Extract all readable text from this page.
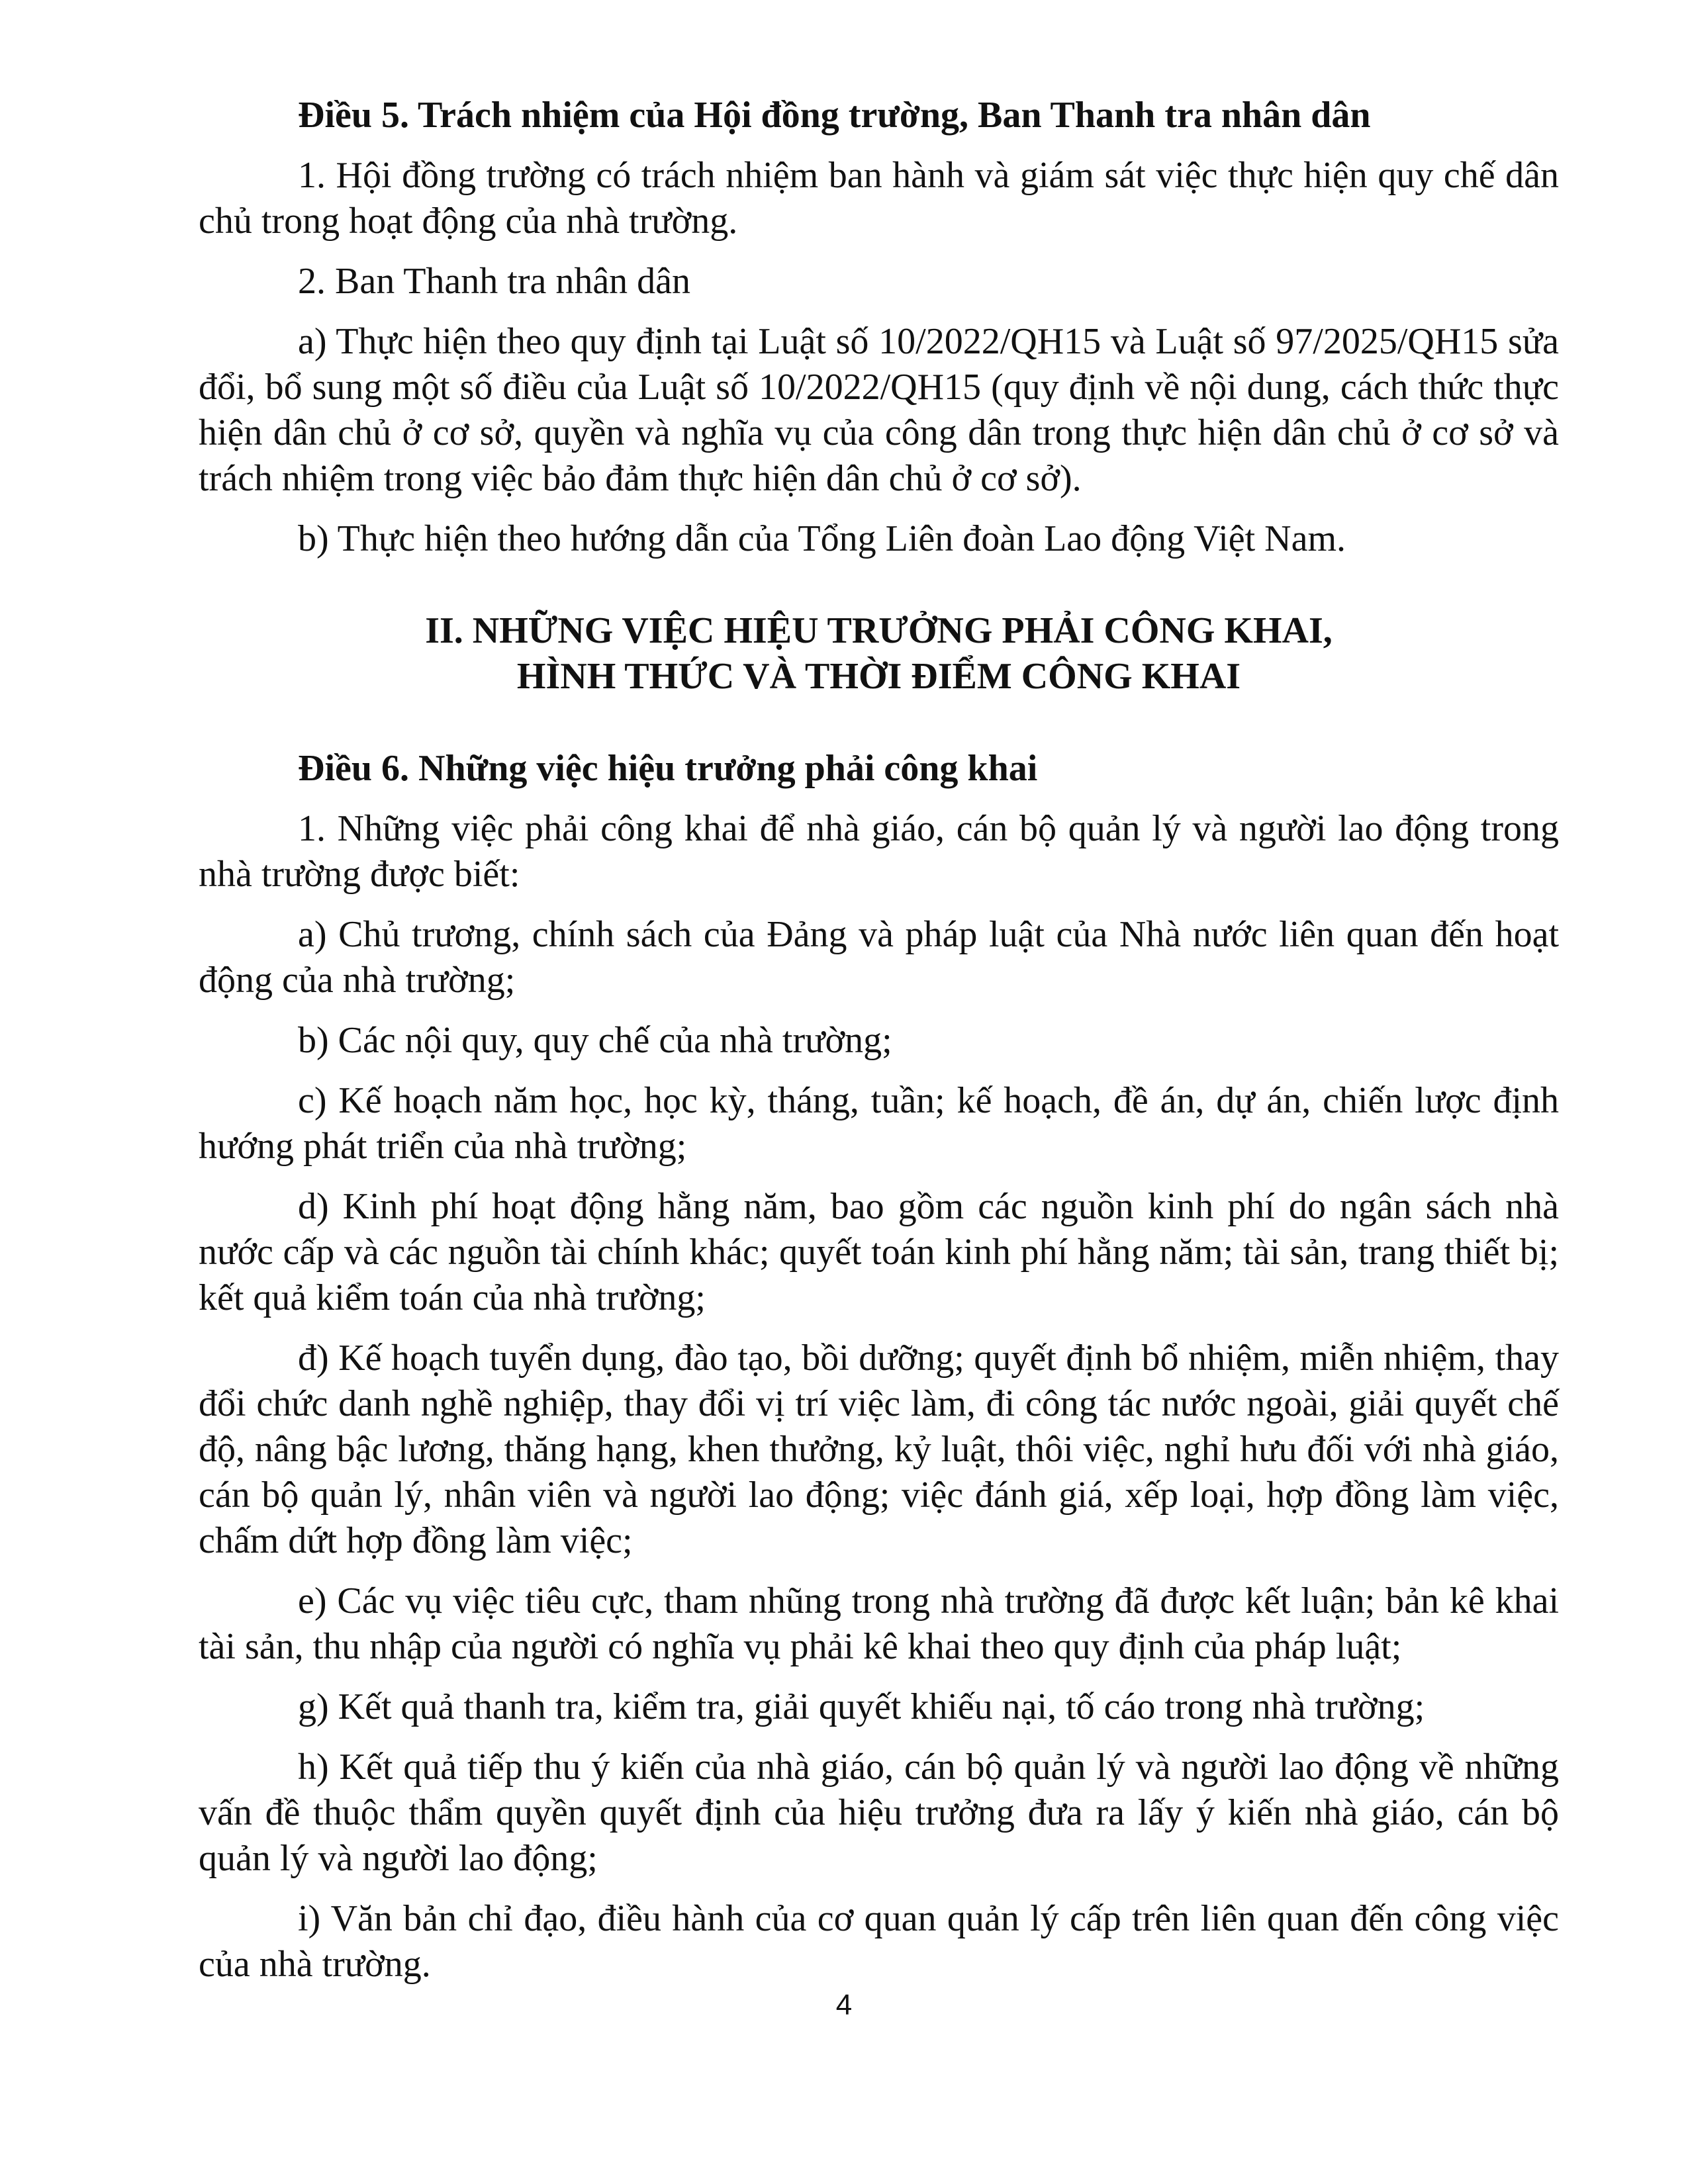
Điều 5. Trách nhiệm của Hội đồng trường, Ban Thanh tra nhân dân
1. Hội đồng trường có trách nhiệm ban hành và giám sát việc thực hiện quy chế dân chủ trong hoạt động của nhà trường.
2. Ban Thanh tra nhân dân
a) Thực hiện theo quy định tại Luật số 10/2022/QH15 và Luật số 97/2025/QH15 sửa đổi, bổ sung một số điều của Luật số 10/2022/QH15 (quy định về nội dung, cách thức thực hiện dân chủ ở cơ sở, quyền và nghĩa vụ của công dân trong thực hiện dân chủ ở cơ sở và trách nhiệm trong việc bảo đảm thực hiện dân chủ ở cơ sở).
b) Thực hiện theo hướng dẫn của Tổng Liên đoàn Lao động Việt Nam.
II. NHỮNG VIỆC HIỆU TRƯỞNG PHẢI CÔNG KHAI,
HÌNH THỨC VÀ THỜI ĐIỂM CÔNG KHAI
Điều 6. Những việc hiệu trưởng phải công khai
1. Những việc phải công khai để nhà giáo, cán bộ quản lý và người lao động trong nhà trường được biết:
a) Chủ trương, chính sách của Đảng và pháp luật của Nhà nước liên quan đến hoạt động của nhà trường;
b) Các nội quy, quy chế của nhà trường;
c) Kế hoạch năm học, học kỳ, tháng, tuần; kế hoạch, đề án, dự án, chiến lược định hướng phát triển của nhà trường;
d) Kinh phí hoạt động hằng năm, bao gồm các nguồn kinh phí do ngân sách nhà nước cấp và các nguồn tài chính khác; quyết toán kinh phí hằng năm; tài sản, trang thiết bị; kết quả kiểm toán của nhà trường;
đ) Kế hoạch tuyển dụng, đào tạo, bồi dưỡng; quyết định bổ nhiệm, miễn nhiệm, thay đổi chức danh nghề nghiệp, thay đổi vị trí việc làm, đi công tác nước ngoài, giải quyết chế độ, nâng bậc lương, thăng hạng, khen thưởng, kỷ luật, thôi việc, nghỉ hưu đối với nhà giáo, cán bộ quản lý, nhân viên và người lao động; việc đánh giá, xếp loại, hợp đồng làm việc, chấm dứt hợp đồng làm việc;
e) Các vụ việc tiêu cực, tham nhũng trong nhà trường đã được kết luận; bản kê khai tài sản, thu nhập của người có nghĩa vụ phải kê khai theo quy định của pháp luật;
g) Kết quả thanh tra, kiểm tra, giải quyết khiếu nại, tố cáo trong nhà trường;
h) Kết quả tiếp thu ý kiến của nhà giáo, cán bộ quản lý và người lao động về những vấn đề thuộc thẩm quyền quyết định của hiệu trưởng đưa ra lấy ý kiến nhà giáo, cán bộ quản lý và người lao động;
i) Văn bản chỉ đạo, điều hành của cơ quan quản lý cấp trên liên quan đến công việc của nhà trường.
4
